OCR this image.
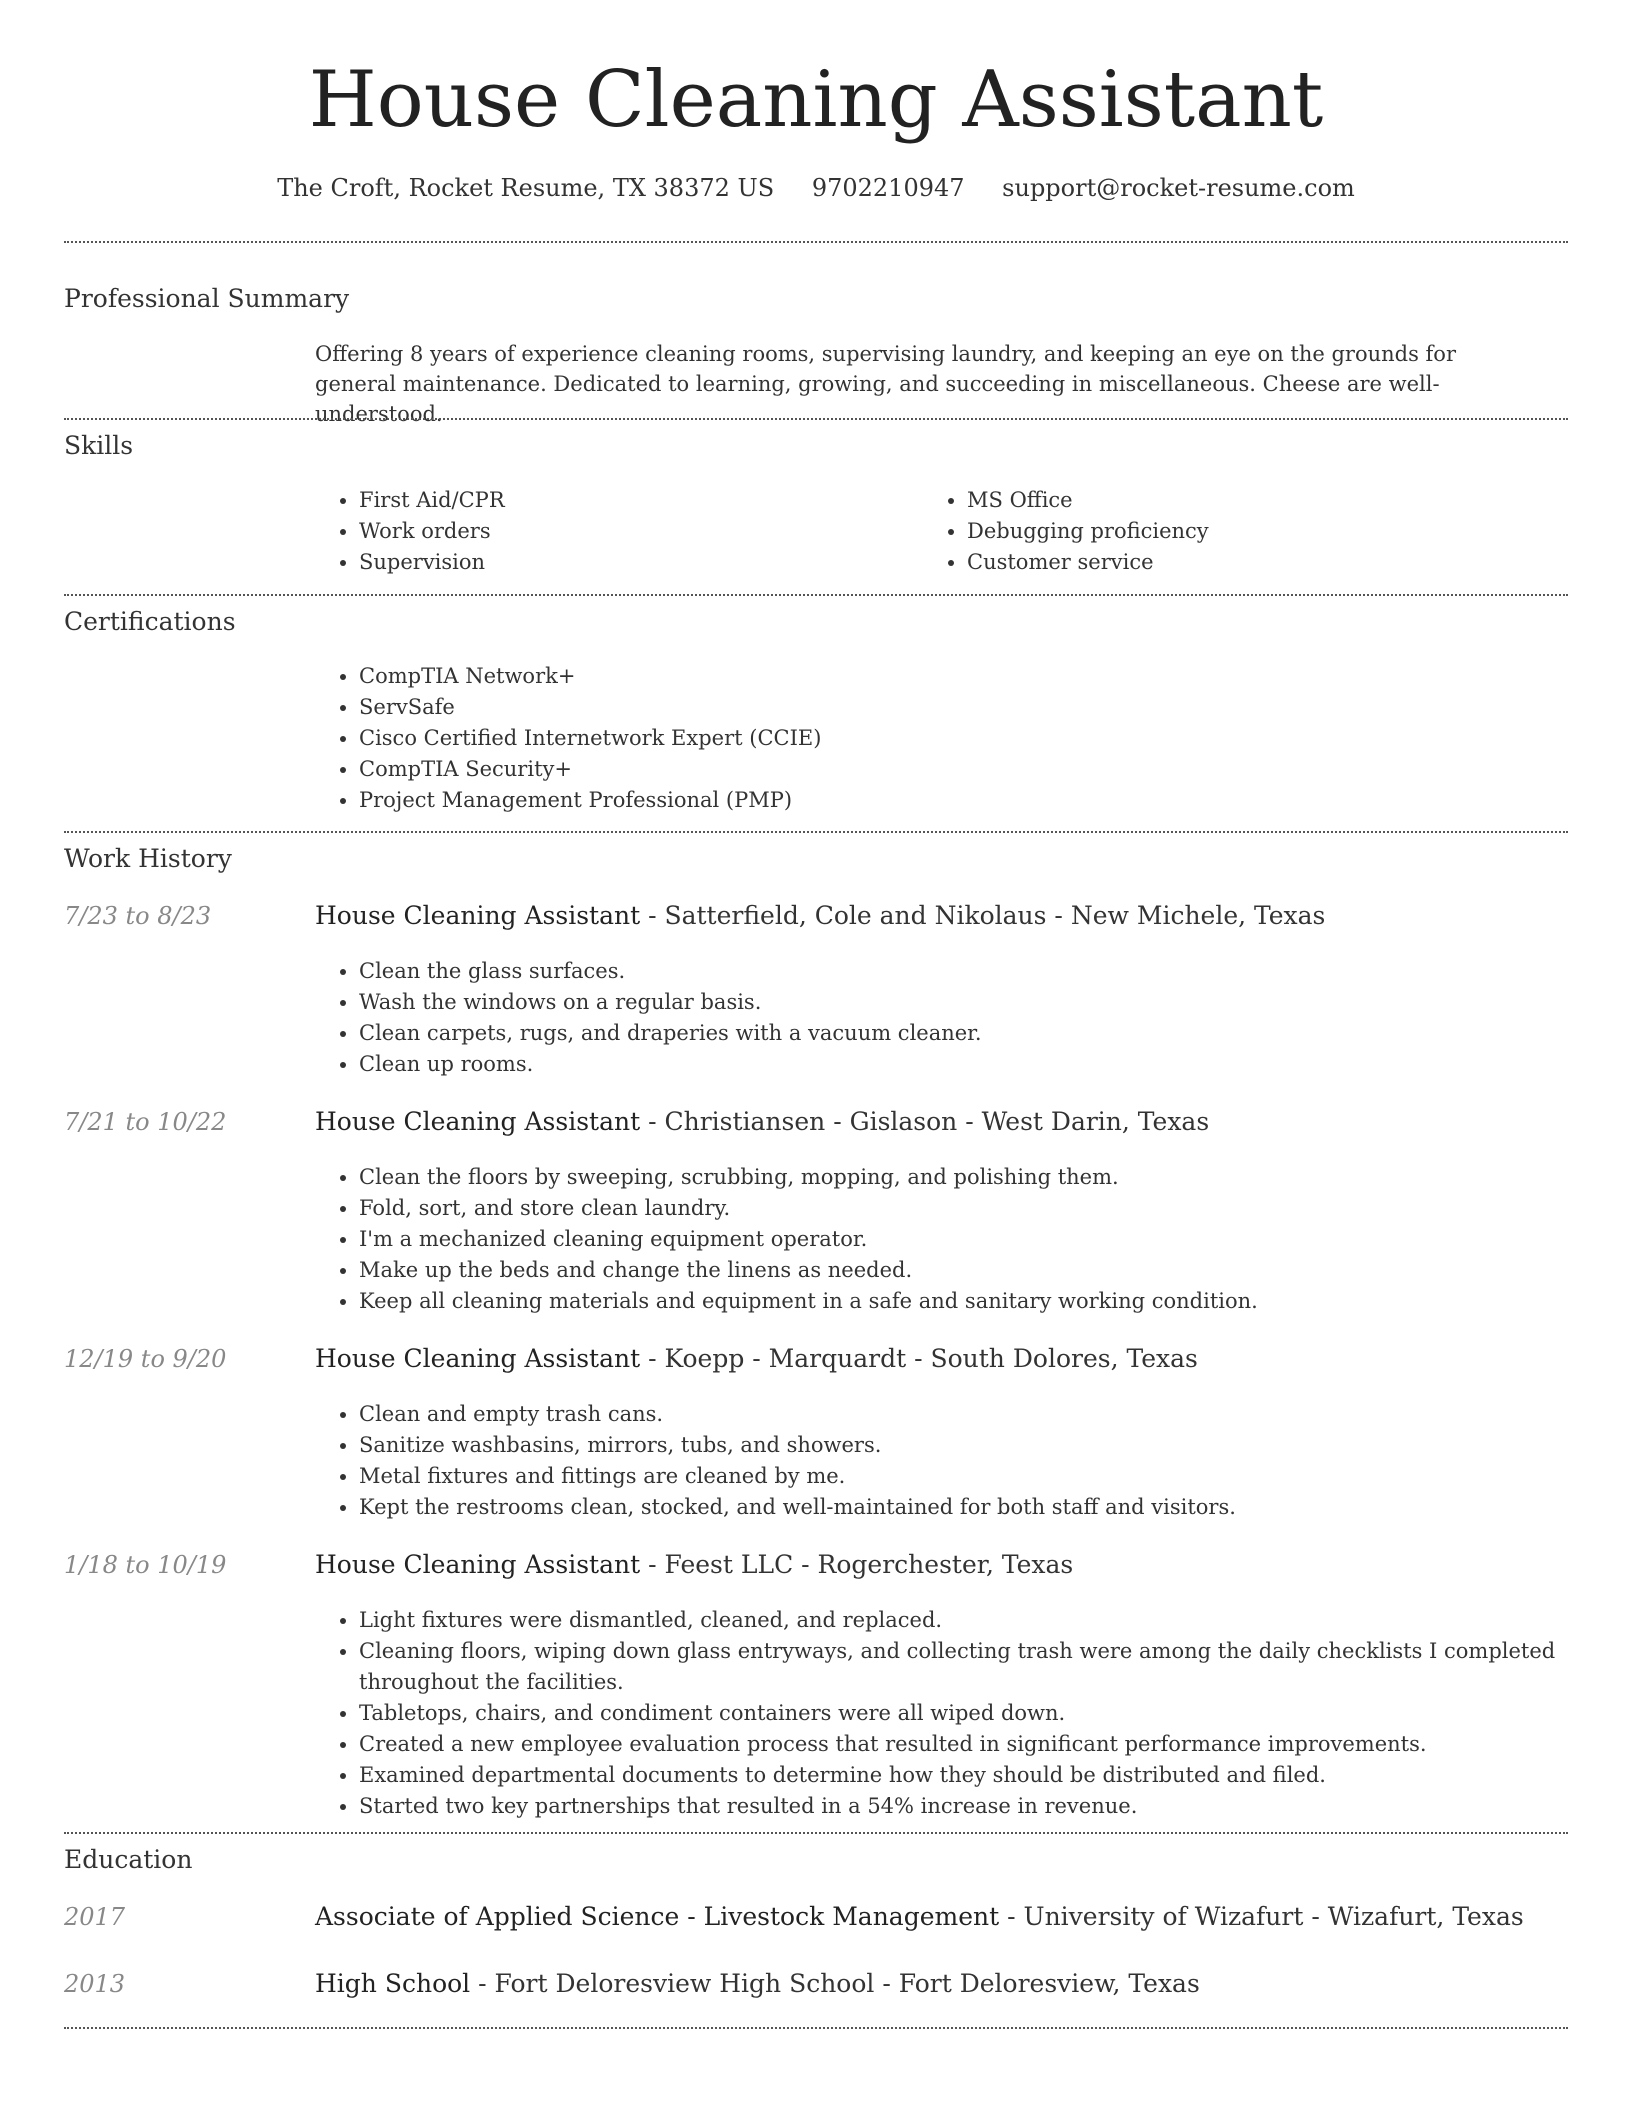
House Cleaning Assistant
The Croft, Rocket Resume, TX 38372 US 9702210947 support@rocket-resume.com
Professional Summary
Offering 8 years of experience cleaning rooms, supervising laundry, and keeping an eye on the grounds for general maintenance. Dedicated to learning, growing, and succeeding in miscellaneous. Cheese are well-understood.
Skills
• First Aid/CPR
• Work orders
• Supervision
• MS Office
• Debugging proficiency
• Customer service
Certifications
• CompTIA Network+
• ServSafe
• Cisco Certified Internetwork Expert (CCIE)
• CompTIA Security+
• Project Management Professional (PMP)
Work History
7/23 to 8/23	House Cleaning Assistant - Satterfield, Cole and Nikolaus - New Michele, Texas
• Clean the glass surfaces.
• Wash the windows on a regular basis.
• Clean carpets, rugs, and draperies with a vacuum cleaner.
• Clean up rooms.
7/21 to 10/22	House Cleaning Assistant - Christiansen - Gislason - West Darin, Texas
• Clean the floors by sweeping, scrubbing, mopping, and polishing them.
• Fold, sort, and store clean laundry.
• I'm a mechanized cleaning equipment operator.
• Make up the beds and change the linens as needed.
• Keep all cleaning materials and equipment in a safe and sanitary working condition.
12/19 to 9/20	House Cleaning Assistant - Koepp - Marquardt - South Dolores, Texas
• Clean and empty trash cans.
• Sanitize washbasins, mirrors, tubs, and showers.
• Metal fixtures and fittings are cleaned by me.
• Kept the restrooms clean, stocked, and well-maintained for both staff and visitors.
1/18 to 10/19	House Cleaning Assistant - Feest LLC - Rogerchester, Texas
• Light fixtures were dismantled, cleaned, and replaced.
• Cleaning floors, wiping down glass entryways, and collecting trash were among the daily checklists I completed throughout the facilities.
• Tabletops, chairs, and condiment containers were all wiped down.
• Created a new employee evaluation process that resulted in significant performance improvements.
• Examined departmental documents to determine how they should be distributed and filed.
• Started two key partnerships that resulted in a 54% increase in revenue.
Education
2017	Associate of Applied Science - Livestock Management - University of Wizafurt - Wizafurt, Texas
2013	High School - Fort Deloresview High School - Fort Deloresview, Texas
